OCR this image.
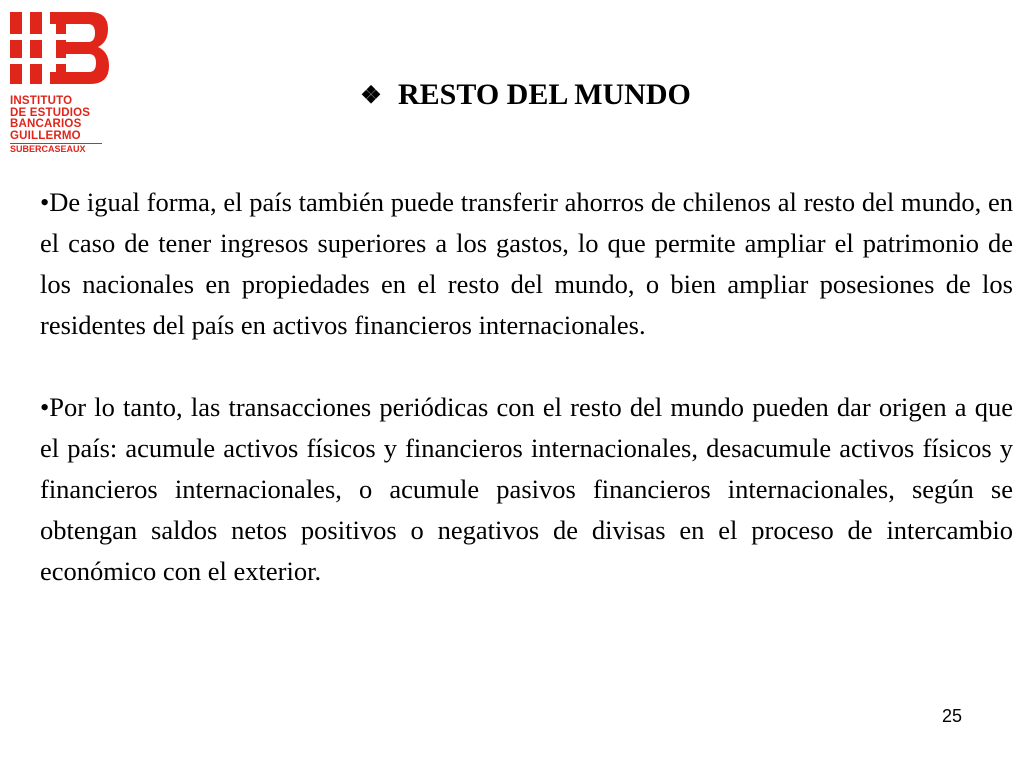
INSTITUTO
DE ESTUDIOS
BANCARIOS
GUILLERMO
SUBERCASEAUX
❖ RESTO DEL MUNDO

•De igual forma, el país también puede transferir ahorros de chilenos al resto del mundo, en el caso de tener ingresos superiores a los gastos, lo que permite ampliar el patrimonio de los nacionales en propiedades en el resto del mundo, o bien ampliar posesiones de los residentes del país en activos financieros internacionales.

•Por lo tanto, las transacciones periódicas con el resto del mundo pueden dar origen a que el país: acumule activos físicos y financieros internacionales, desacumule activos físicos y financieros internacionales, o acumule pasivos financieros internacionales, según se obtengan saldos netos positivos o negativos de divisas en el proceso de intercambio económico con el exterior.

25
